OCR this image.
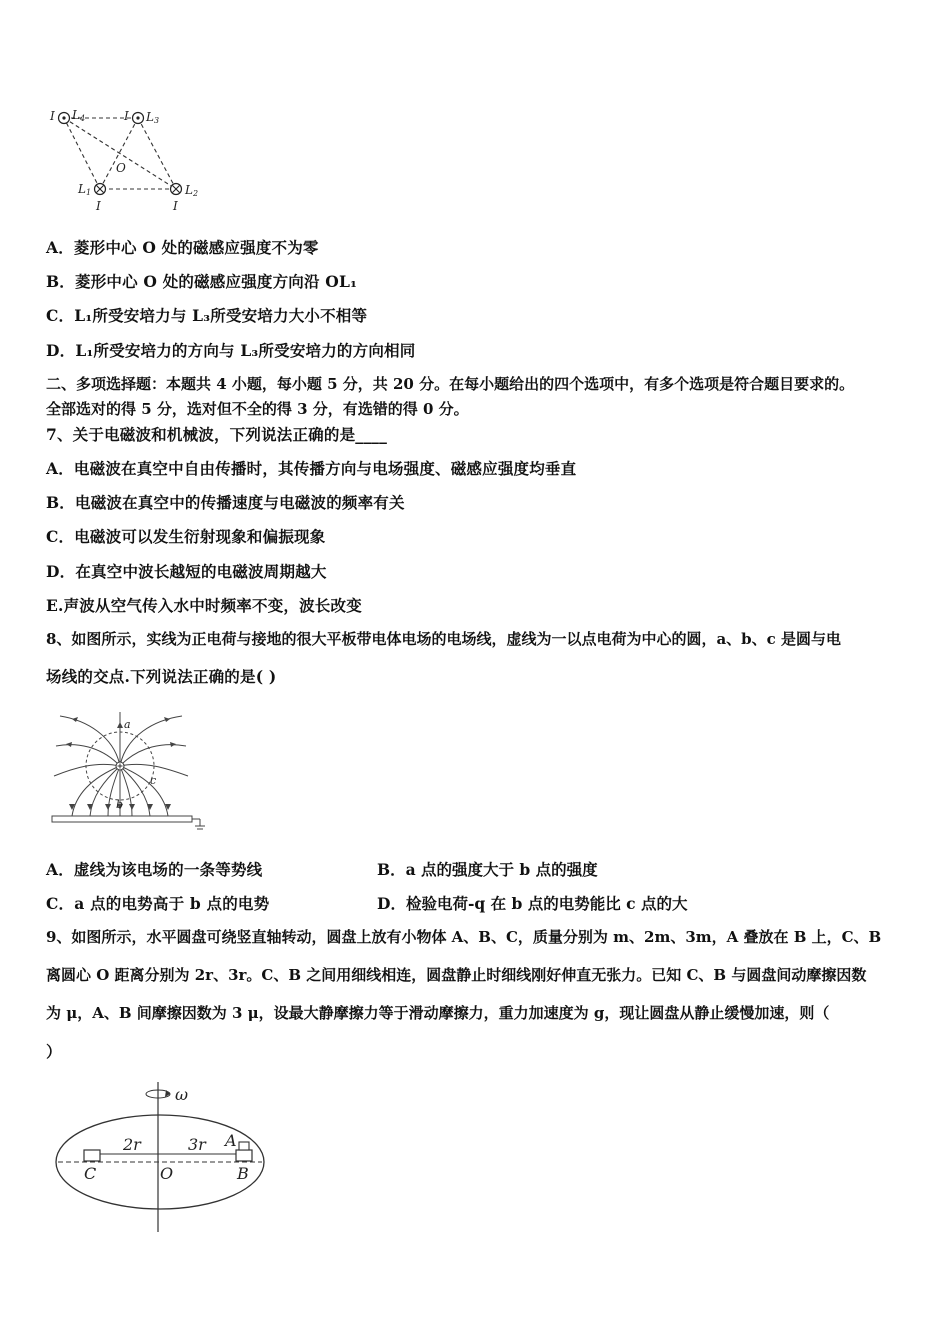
I L4	I L3
O
L1
I
L2
I
A．菱形中心 O 处的磁感应强度不为零
B．菱形中心 O 处的磁感应强度方向沿 OL₁
C．L₁所受安培力与 L₃所受安培力大小不相等
D．L₁所受安培力的方向与 L₃所受安培力的方向相同
二、多项选择题：本题共 4 小题，每小题 5 分，共 20 分。在每小题给出的四个选项中，有多个选项是符合题目要求的。
全部选对的得 5 分，选对但不全的得 3 分，有选错的得 0 分。
7、关于电磁波和机械波，下列说法正确的是____
A．电磁波在真空中自由传播时，其传播方向与电场强度、磁感应强度均垂直
B．电磁波在真空中的传播速度与电磁波的频率有关
C．电磁波可以发生衍射现象和偏振现象
D．在真空中波长越短的电磁波周期越大
E.声波从空气传入水中时频率不变，波长改变
8、如图所示，实线为正电荷与接地的很大平板带电体电场的电场线，虚线为一以点电荷为中心的圆，a、b、c 是圆与电
场线的交点.下列说法正确的是( )
a
c
b
A．虚线为该电场的一条等势线	B．a 点的强度大于 b 点的强度
C．a 点的电势高于 b 点的电势	D．检验电荷-q 在 b 点的电势能比 c 点的大
9、如图所示，水平圆盘可绕竖直轴转动，圆盘上放有小物体 A、B、C，质量分别为 m、2m、3m，A 叠放在 B 上，C、B
离圆心 O 距离分别为 2r、3r。C、B 之间用细线相连，圆盘静止时细线刚好伸直无张力。已知 C、B 与圆盘间动摩擦因数
为 μ，A、B 间摩擦因数为 3 μ，设最大静摩擦力等于滑动摩擦力，重力加速度为 g，现让圆盘从静止缓慢加速，则（
）
ω
2r	3r A
C	O	B
